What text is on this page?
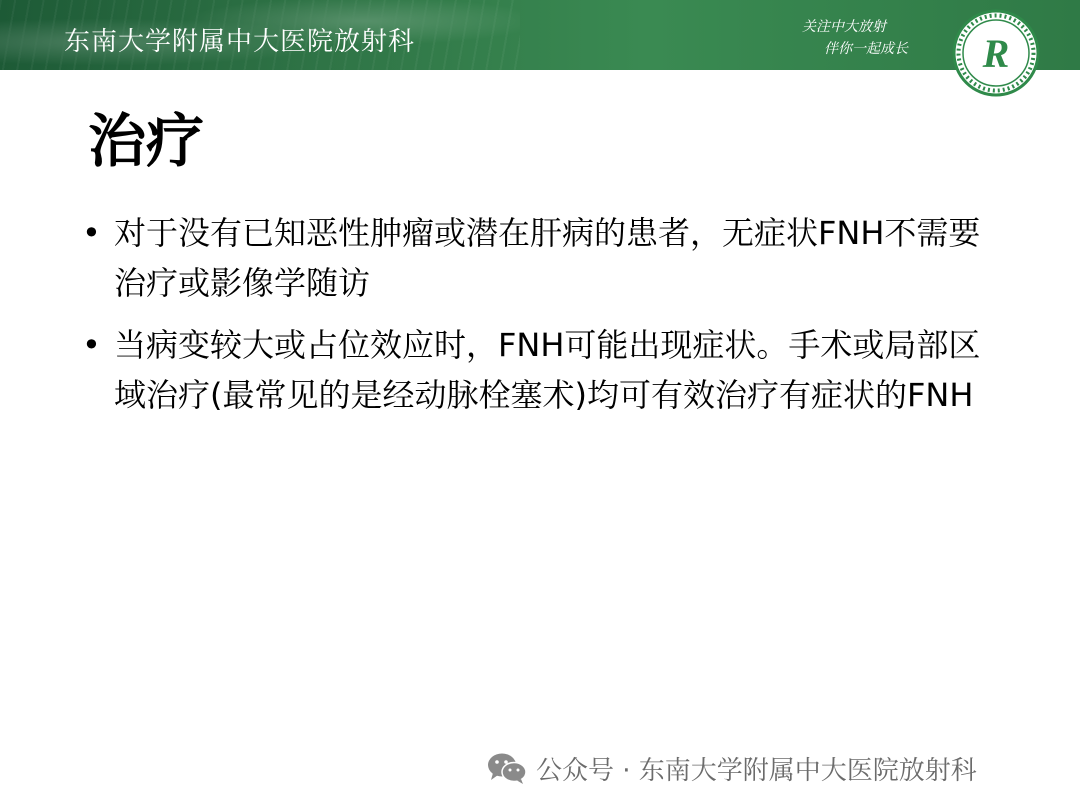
东南大学附属中大医院放射科	关注中大放射
伴你一起成长 R
治疗
• 对于没有已知恶性肿瘤或潜在肝病的患者，无症状FNH不需要治疗或影像学随访
• 当病变较大或占位效应时，FNH可能出现症状。手术或局部区域治疗(最常见的是经动脉栓塞术)均可有效治疗有症状的FNH
公众号 · 东南大学附属中大医院放射科
